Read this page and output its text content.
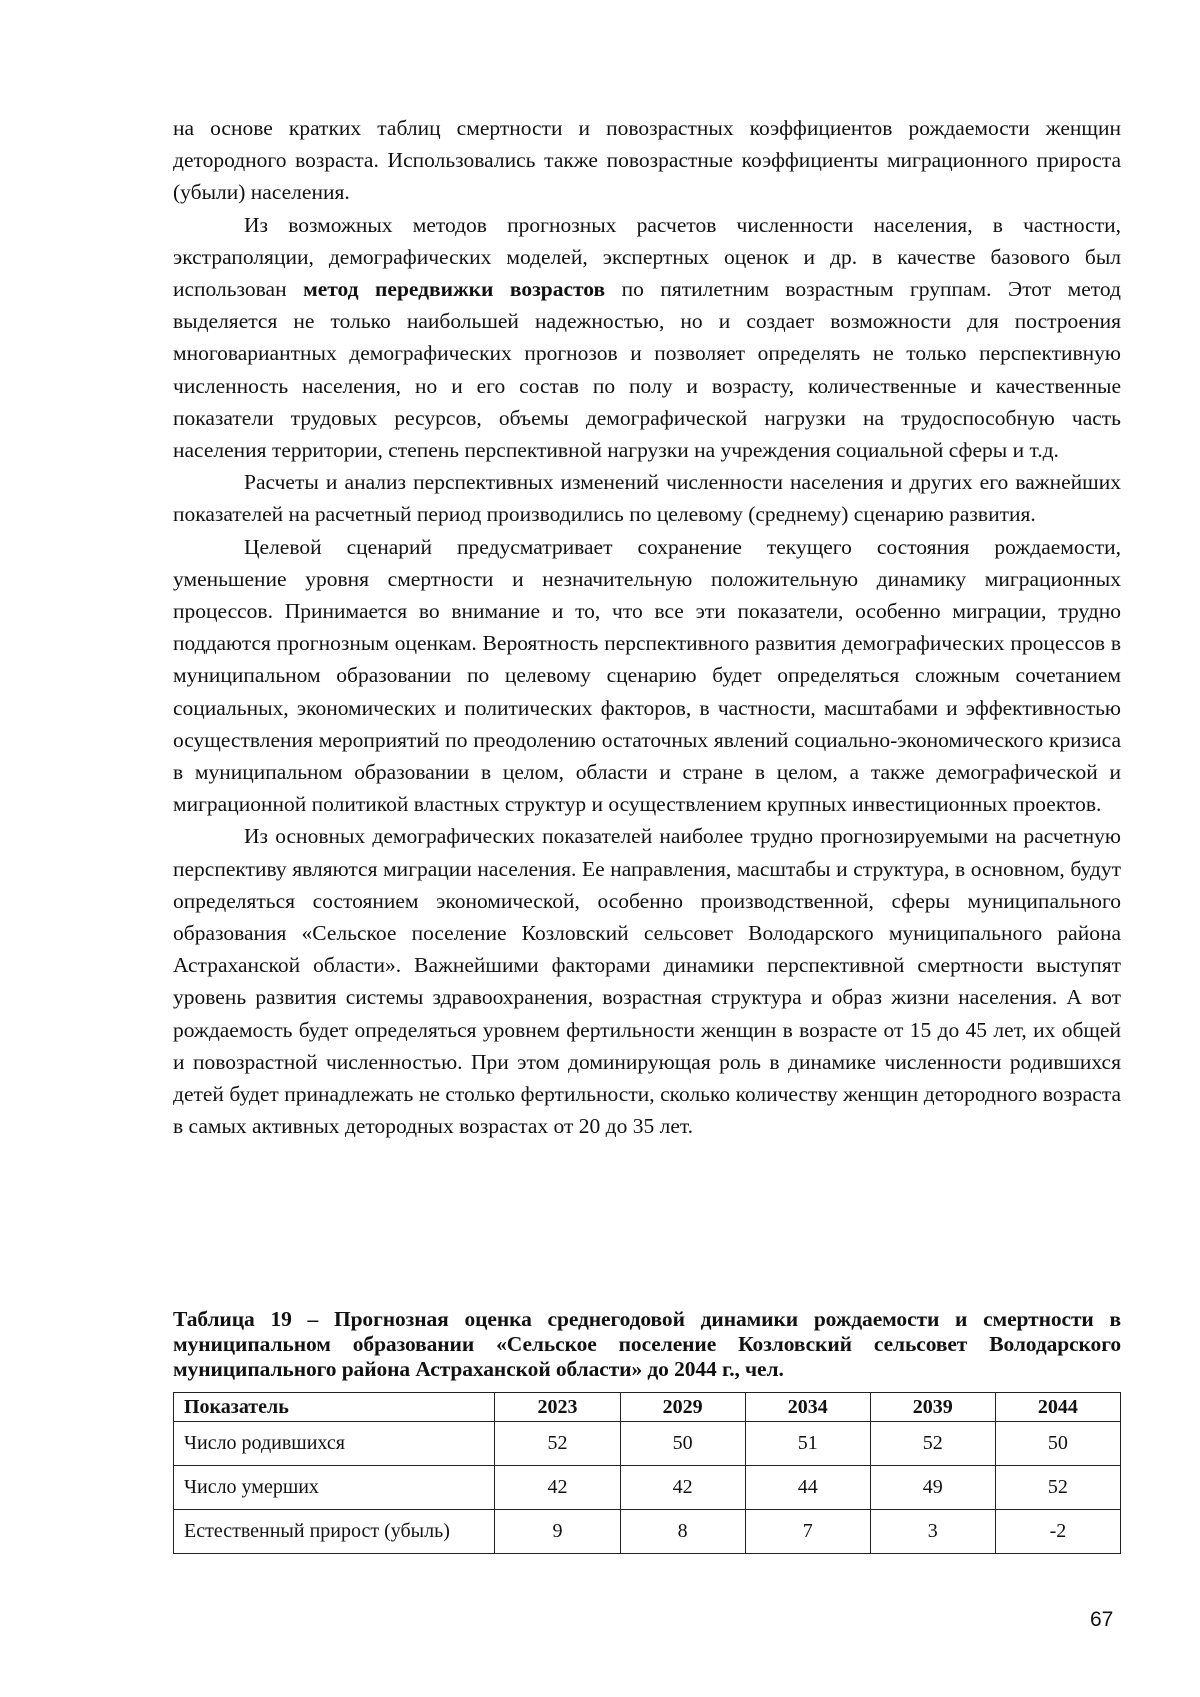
на основе кратких таблиц смертности и повозрастных коэффициентов рождаемости женщин детородного возраста. Использовались также повозрастные коэффициенты миграционного прироста (убыли) населения.

Из возможных методов прогнозных расчетов численности населения, в частности, экстраполяции, демографических моделей, экспертных оценок и др. в качестве базового был использован метод передвижки возрастов по пятилетним возрастным группам. Этот метод выделяется не только наибольшей надежностью, но и создает возможности для построения многовариантных демографических прогнозов и позволяет определять не только перспективную численность населения, но и его состав по полу и возрасту, количественные и качественные показатели трудовых ресурсов, объемы демографической нагрузки на трудоспособную часть населения территории, степень перспективной нагрузки на учреждения социальной сферы и т.д.

Расчеты и анализ перспективных изменений численности населения и других его важнейших показателей на расчетный период производились по целевому (среднему) сценарию развития.

Целевой сценарий предусматривает сохранение текущего состояния рождаемости, уменьшение уровня смертности и незначительную положительную динамику миграционных процессов. Принимается во внимание и то, что все эти показатели, особенно миграции, трудно поддаются прогнозным оценкам. Вероятность перспективного развития демографических процессов в муниципальном образовании по целевому сценарию будет определяться сложным сочетанием социальных, экономических и политических факторов, в частности, масштабами и эффективностью осуществления мероприятий по преодолению остаточных явлений социально-экономического кризиса в муниципальном образовании в целом, области и стране в целом, а также демографической и миграционной политикой властных структур и осуществлением крупных инвестиционных проектов.

Из основных демографических показателей наиболее трудно прогнозируемыми на расчетную перспективу являются миграции населения. Ее направления, масштабы и структура, в основном, будут определяться состоянием экономической, особенно производственной, сферы муниципального образования «Сельское поселение Козловский сельсовет Володарского муниципального района Астраханской области». Важнейшими факторами динамики перспективной смертности выступят уровень развития системы здравоохранения, возрастная структура и образ жизни населения. А вот рождаемость будет определяться уровнем фертильности женщин в возрасте от 15 до 45 лет, их общей и повозрастной численностью. При этом доминирующая роль в динамике численности родившихся детей будет принадлежать не столько фертильности, сколько количеству женщин детородного возраста в самых активных детородных возрастах от 20 до 35 лет.

Таблица 19 – Прогнозная оценка среднегодовой динамики рождаемости и смертности в муниципальном образовании «Сельское поселение Козловский сельсовет Володарского муниципального района Астраханской области» до 2044 г., чел.

Показатель	2023	2029	2034	2039	2044
Число родившихся	52	50	51	52	50
Число умерших	42	42	44	49	52
Естественный прирост (убыль)	9	8	7	3	-2
67
